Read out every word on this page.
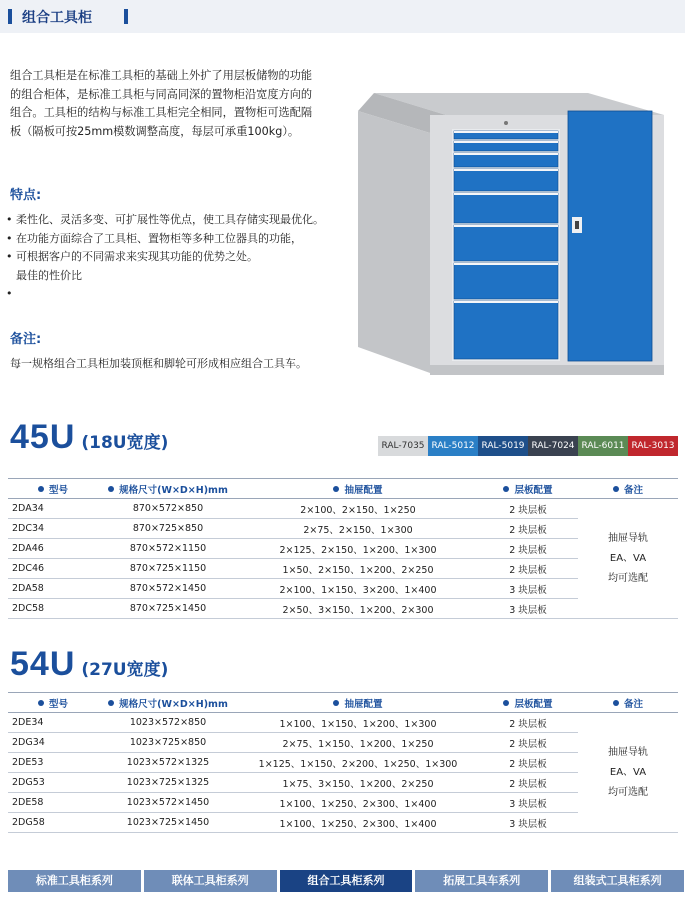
组合工具柜
组合工具柜是在标准工具柜的基础上外扩了用层板储物的功能
的组合柜体，是标准工具柜与同高同深的置物柜沿宽度方向的
组合。工具柜的结构与标准工具柜完全相同，置物柜可选配隔
板（隔板可按25mm模数调整高度，每层可承重100kg）。
特点:
• 柔性化、灵活多变、可扩展性等优点，使工具存储实现最优化。
• 在功能方面综合了工具柜、置物柜等多种工位器具的功能，
• 可根据客户的不同需求来实现其功能的优势之处。
最佳的性价比
•
备注:
每一规格组合工具柜加装顶框和脚轮可形成相应组合工具车。
45U (18U宽度)	RAL-7035 RAL-5012 RAL-5019 RAL-7024 RAL-6011 RAL-3013
型号	规格尺寸(W×D×H)mm	抽屉配置	层板配置	备注
2DA34	870×572×850	2×100、2×150、1×250	2 块层板	抽屉导轨
EA、VA
均可选配

2DC34	870×725×850	2×75、2×150、1×300	2 块层板	
2DA46	870×572×1150	2×125、2×150、1×200、1×300	2 块层板	
2DC46	870×725×1150	1×50、2×150、1×200、2×250	2 块层板	
2DA58	870×572×1450	2×100、1×150、3×200、1×400	3 块层板	
2DC58	870×725×1450	2×50、3×150、1×200、2×300	3 块层板	
54U (27U宽度)
型号	规格尺寸(W×D×H)mm	抽屉配置	层板配置	备注
2DE34	1023×572×850	1×100、1×150、1×200、1×300	2 块层板	抽屉导轨
EA、VA
均可选配

2DG34	1023×725×850	2×75、1×150、1×200、1×250	2 块层板	
2DE53	1023×572×1325	1×125、1×150、2×200、1×250、1×300	2 块层板	
2DG53	1023×725×1325	1×75、3×150、1×200、2×250	2 块层板	
2DE58	1023×572×1450	1×100、1×250、2×300、1×400	3 块层板	
2DG58	1023×725×1450	1×100、1×250、2×300、1×400	3 块层板	
标准工具柜系列	联体工具柜系列	组合工具柜系列	拓展工具车系列	组装式工具柜系列
